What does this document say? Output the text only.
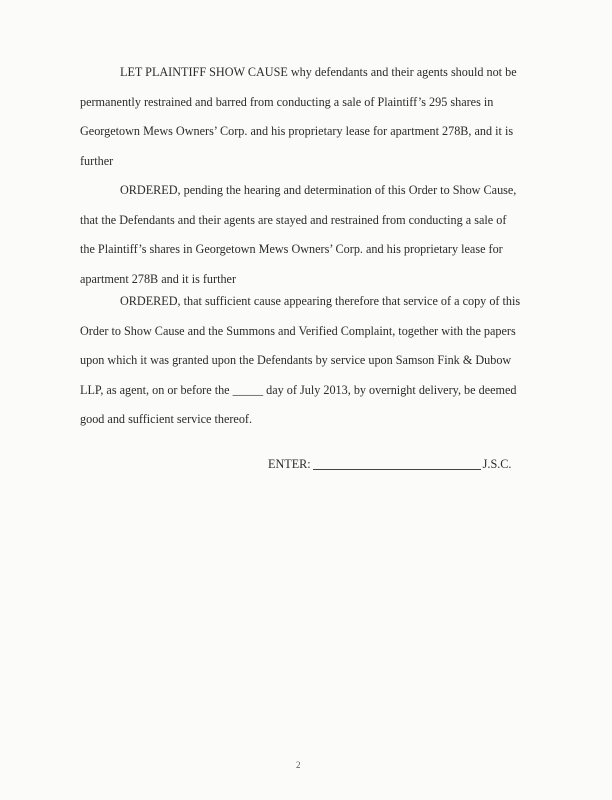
LET PLAINTIFF SHOW CAUSE why defendants and their agents should not be
permanently restrained and barred from conducting a sale of Plaintiff’s 295 shares in
Georgetown Mews Owners’ Corp. and his proprietary lease for apartment 278B, and it is
further

ORDERED, pending the hearing and determination of this Order to Show Cause,
that the Defendants and their agents are stayed and restrained from conducting a sale of
the Plaintiff’s shares in Georgetown Mews Owners’ Corp. and his proprietary lease for
apartment 278B and it is further

ORDERED, that sufficient cause appearing therefore that service of a copy of this
Order to Show Cause and the Summons and Verified Complaint, together with the papers
upon which it was granted upon the Defendants by service upon Samson Fink & Dubow
LLP, as agent, on or before the _____ day of July 2013, by overnight delivery, be deemed
good and sufficient service thereof.

ENTER:	J.S.C.
2
